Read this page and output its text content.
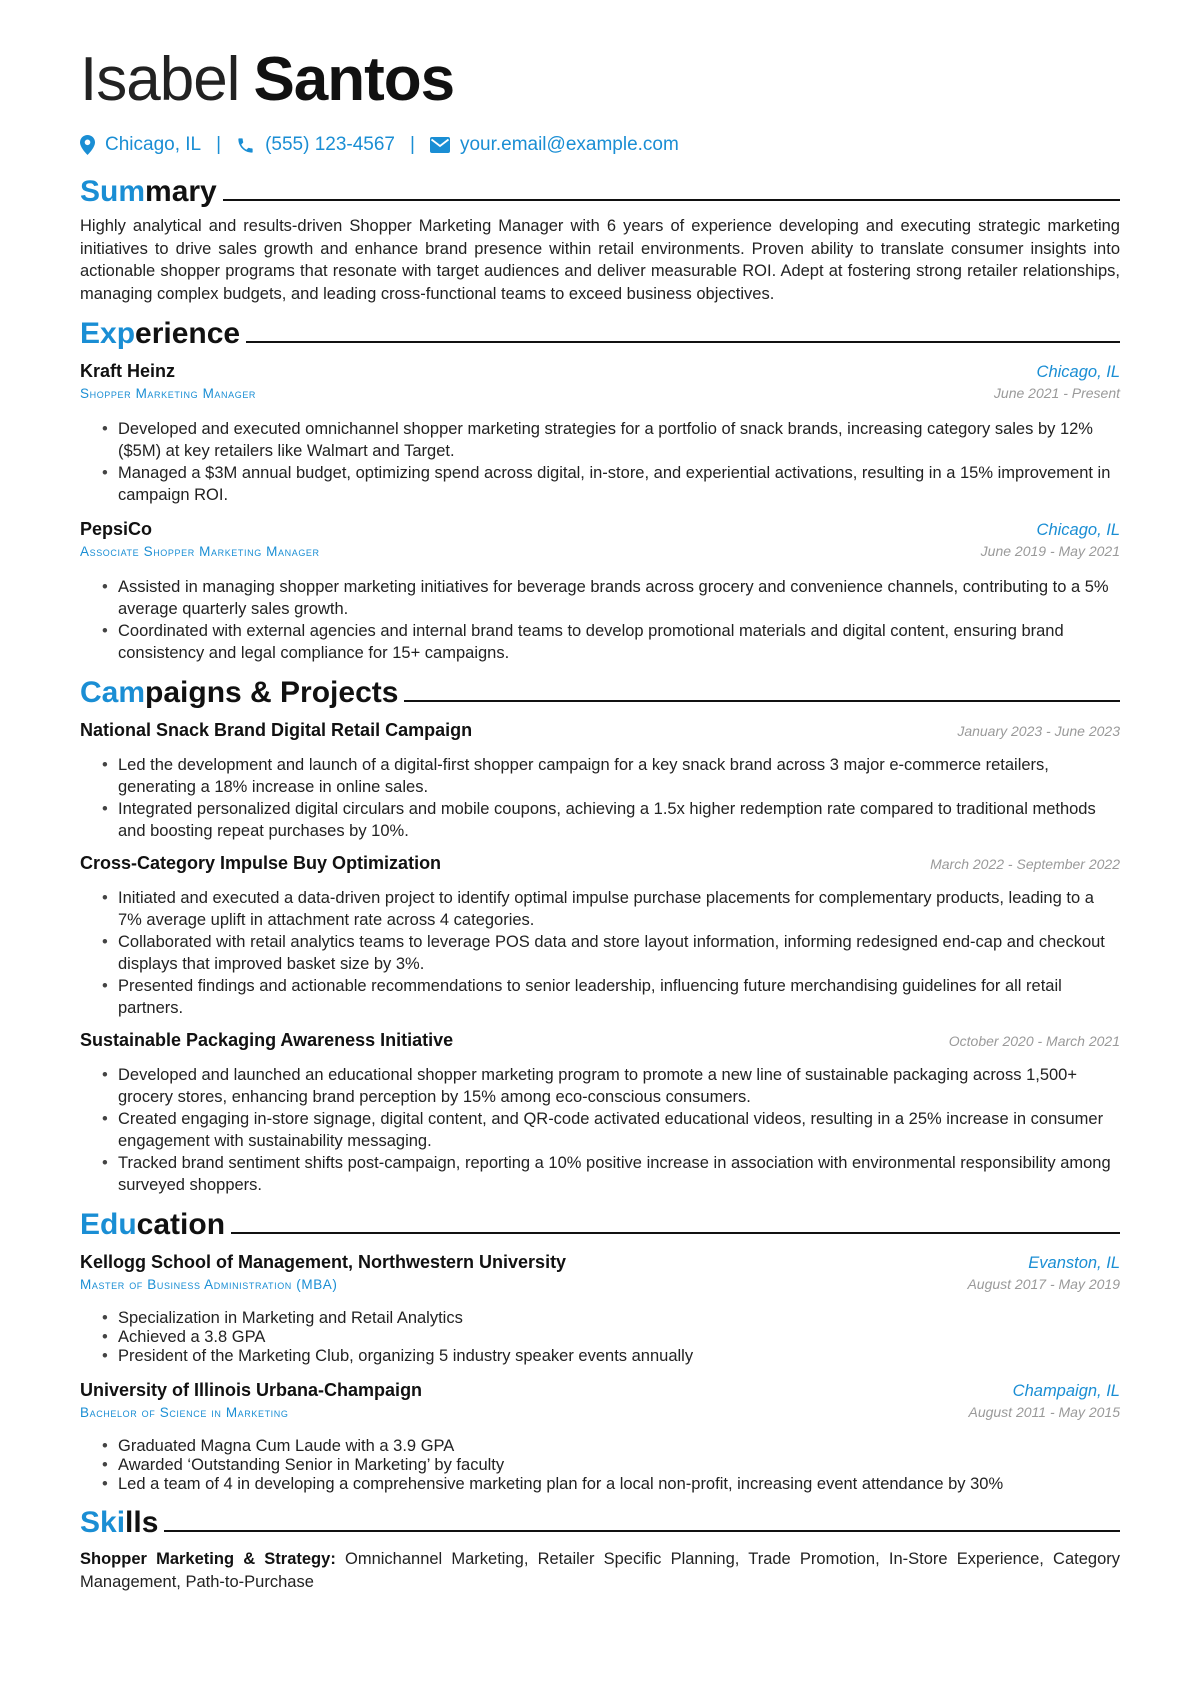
Isabel Santos
Chicago, IL | (555) 123-4567 | your.email@example.com
Summary
Highly analytical and results-driven Shopper Marketing Manager with 6 years of experience developing and executing strategic marketing initiatives to drive sales growth and enhance brand presence within retail environments. Proven ability to translate consumer insights into actionable shopper programs that resonate with target audiences and deliver measurable ROI. Adept at fostering strong retailer relationships, managing complex budgets, and leading cross-functional teams to exceed business objectives.
Experience
Kraft Heinz	Chicago, IL
Shopper Marketing Manager	June 2021 - Present
• Developed and executed omnichannel shopper marketing strategies for a portfolio of snack brands, increasing category sales by 12% ($5M) at key retailers like Walmart and Target.
• Managed a $3M annual budget, optimizing spend across digital, in-store, and experiential activations, resulting in a 15% improvement in campaign ROI.
PepsiCo	Chicago, IL
Associate Shopper Marketing Manager	June 2019 - May 2021
• Assisted in managing shopper marketing initiatives for beverage brands across grocery and convenience channels, contributing to a 5% average quarterly sales growth.
• Coordinated with external agencies and internal brand teams to develop promotional materials and digital content, ensuring brand consistency and legal compliance for 15+ campaigns.
Campaigns & Projects
National Snack Brand Digital Retail Campaign	January 2023 - June 2023
• Led the development and launch of a digital-first shopper campaign for a key snack brand across 3 major e-commerce retailers, generating a 18% increase in online sales.
• Integrated personalized digital circulars and mobile coupons, achieving a 1.5x higher redemption rate compared to traditional methods and boosting repeat purchases by 10%.
Cross-Category Impulse Buy Optimization	March 2022 - September 2022
• Initiated and executed a data-driven project to identify optimal impulse purchase placements for complementary products, leading to a 7% average uplift in attachment rate across 4 categories.
• Collaborated with retail analytics teams to leverage POS data and store layout information, informing redesigned end-cap and checkout displays that improved basket size by 3%.
• Presented findings and actionable recommendations to senior leadership, influencing future merchandising guidelines for all retail partners.
Sustainable Packaging Awareness Initiative	October 2020 - March 2021
• Developed and launched an educational shopper marketing program to promote a new line of sustainable packaging across 1,500+ grocery stores, enhancing brand perception by 15% among eco-conscious consumers.
• Created engaging in-store signage, digital content, and QR-code activated educational videos, resulting in a 25% increase in consumer engagement with sustainability messaging.
• Tracked brand sentiment shifts post-campaign, reporting a 10% positive increase in association with environmental responsibility among surveyed shoppers.
Education
Kellogg School of Management, Northwestern University	Evanston, IL
Master of Business Administration (MBA)	August 2017 - May 2019
• Specialization in Marketing and Retail Analytics
• Achieved a 3.8 GPA
• President of the Marketing Club, organizing 5 industry speaker events annually
University of Illinois Urbana-Champaign	Champaign, IL
Bachelor of Science in Marketing	August 2011 - May 2015
• Graduated Magna Cum Laude with a 3.9 GPA
• Awarded ‘Outstanding Senior in Marketing’ by faculty
• Led a team of 4 in developing a comprehensive marketing plan for a local non-profit, increasing event attendance by 30%
Skills
Shopper Marketing & Strategy: Omnichannel Marketing, Retailer Specific Planning, Trade Promotion, In-Store Experience, Category Management, Path-to-Purchase
